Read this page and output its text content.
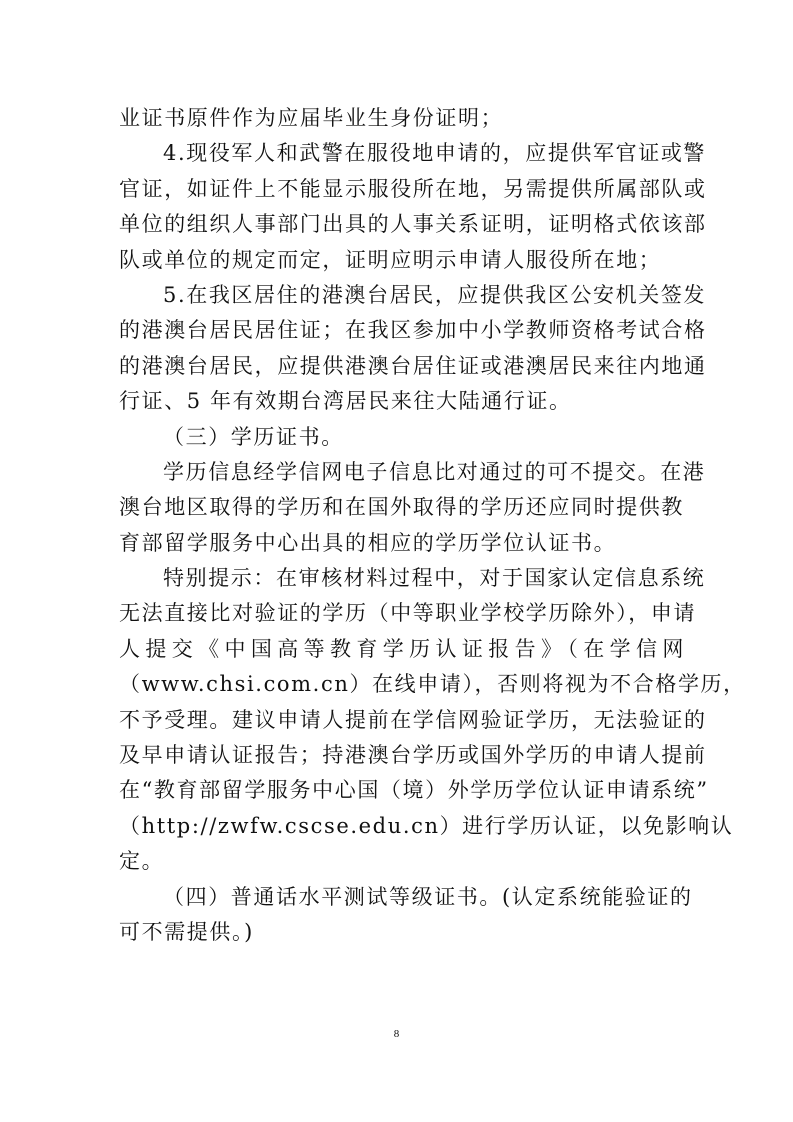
业证书原件作为应届毕业生身份证明；
4.现役军人和武警在服役地申请的，应提供军官证或警
官证，如证件上不能显示服役所在地，另需提供所属部队或
单位的组织人事部门出具的人事关系证明，证明格式依该部
队或单位的规定而定，证明应明示申请人服役所在地；
5.在我区居住的港澳台居民，应提供我区公安机关签发
的港澳台居民居住证；在我区参加中小学教师资格考试合格
的港澳台居民，应提供港澳台居住证或港澳居民来往内地通
行证、5 年有效期台湾居民来往大陆通行证。
（三）学历证书。
学历信息经学信网电子信息比对通过的可不提交。在港
澳台地区取得的学历和在国外取得的学历还应同时提供教
育部留学服务中心出具的相应的学历学位认证书。
特别提示：在审核材料过程中，对于国家认定信息系统
无法直接比对验证的学历（中等职业学校学历除外），申请
人提交《中国高等教育学历认证报告》（在学信网
（www.chsi.com.cn）在线申请），否则将视为不合格学历，
不予受理。建议申请人提前在学信网验证学历，无法验证的
及早申请认证报告；持港澳台学历或国外学历的申请人提前
在“教育部留学服务中心国（境）外学历学位认证申请系统”
（http://zwfw.cscse.edu.cn）进行学历认证，以免影响认
定。
（四）普通话水平测试等级证书。(认定系统能验证的
可不需提供。)
8
